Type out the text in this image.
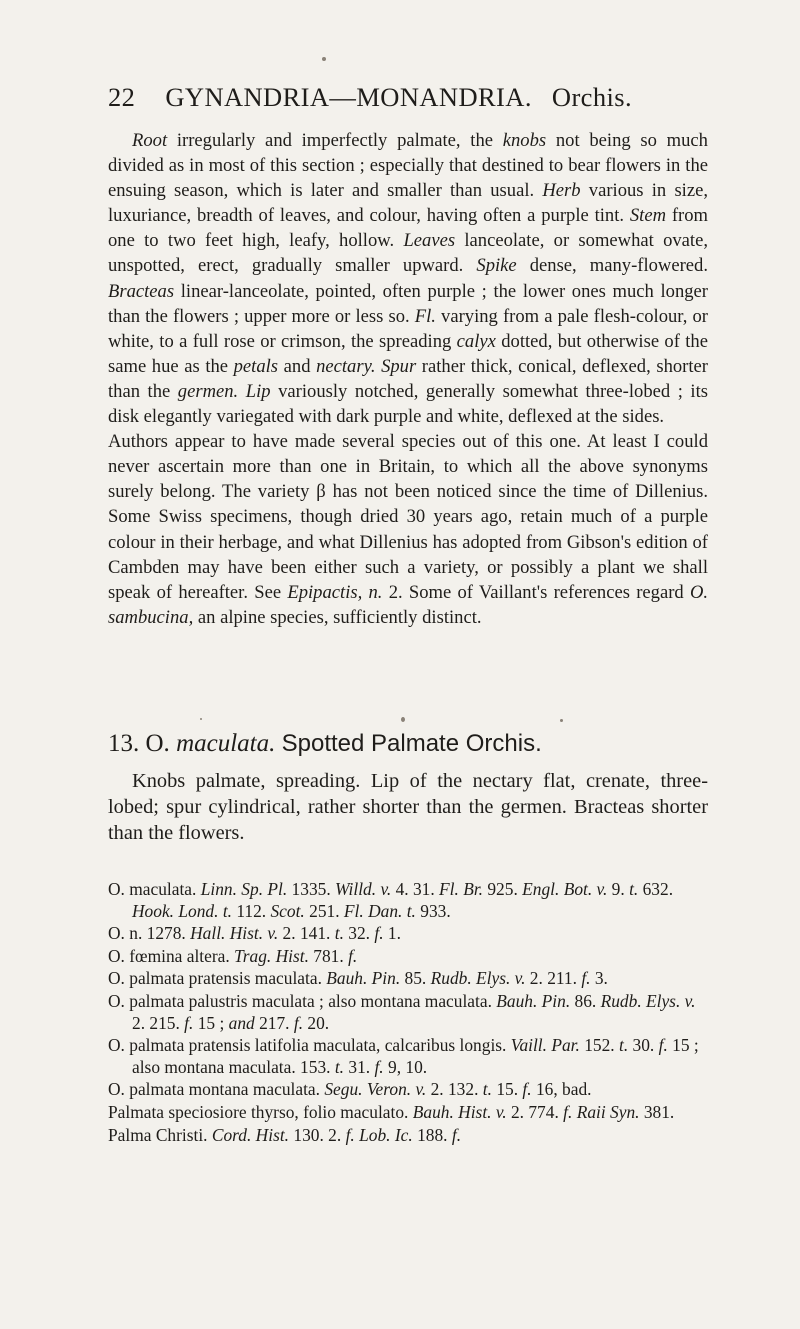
22 GYNANDRIA—MONANDRIA. Orchis.

Root irregularly and imperfectly palmate, the knobs not being so much divided as in most of this section ; especially that destined to bear flowers in the ensuing season, which is later and smaller than usual. Herb various in size, luxuriance, breadth of leaves, and colour, having often a purple tint. Stem from one to two feet high, leafy, hollow. Leaves lanceolate, or somewhat ovate, unspotted, erect, gradually smaller upward. Spike dense, many-flowered. Bracteas linear-lanceolate, pointed, often purple ; the lower ones much longer than the flowers ; upper more or less so. Fl. varying from a pale flesh-colour, or white, to a full rose or crimson, the spreading calyx dotted, but otherwise of the same hue as the petals and nectary. Spur rather thick, conical, deflexed, shorter than the germen. Lip variously notched, generally somewhat three-lobed ; its disk elegantly variegated with dark purple and white, deflexed at the sides.

Authors appear to have made several species out of this one. At least I could never ascertain more than one in Britain, to which all the above synonyms surely belong. The variety β has not been noticed since the time of Dillenius. Some Swiss specimens, though dried 30 years ago, retain much of a purple colour in their herbage, and what Dillenius has adopted from Gibson's edition of Cambden may have been either such a variety, or possibly a plant we shall speak of hereafter. See Epipactis, n. 2. Some of Vaillant's references regard O. sambucina, an alpine species, sufficiently distinct.

13. O. maculata. Spotted Palmate Orchis.

Knobs palmate, spreading. Lip of the nectary flat, crenate, three-lobed; spur cylindrical, rather shorter than the germen. Bracteas shorter than the flowers.

O. maculata. Linn. Sp. Pl. 1335. Willd. v. 4. 31. Fl. Br. 925. Engl. Bot. v. 9. t. 632. Hook. Lond. t. 112. Scot. 251. Fl. Dan. t. 933.

O. n. 1278. Hall. Hist. v. 2. 141. t. 32. f. 1.

O. fœmina altera. Trag. Hist. 781. f.

O. palmata pratensis maculata. Bauh. Pin. 85. Rudb. Elys. v. 2. 211. f. 3.

O. palmata palustris maculata ; also montana maculata. Bauh. Pin. 86. Rudb. Elys. v. 2. 215. f. 15 ; and 217. f. 20.

O. palmata pratensis latifolia maculata, calcaribus longis. Vaill. Par. 152. t. 30. f. 15 ; also montana maculata. 153. t. 31. f. 9, 10.

O. palmata montana maculata. Segu. Veron. v. 2. 132. t. 15. f. 16, bad.

Palmata speciosiore thyrso, folio maculato. Bauh. Hist. v. 2. 774. f. Raii Syn. 381.

Palma Christi. Cord. Hist. 130. 2. f. Lob. Ic. 188. f.
